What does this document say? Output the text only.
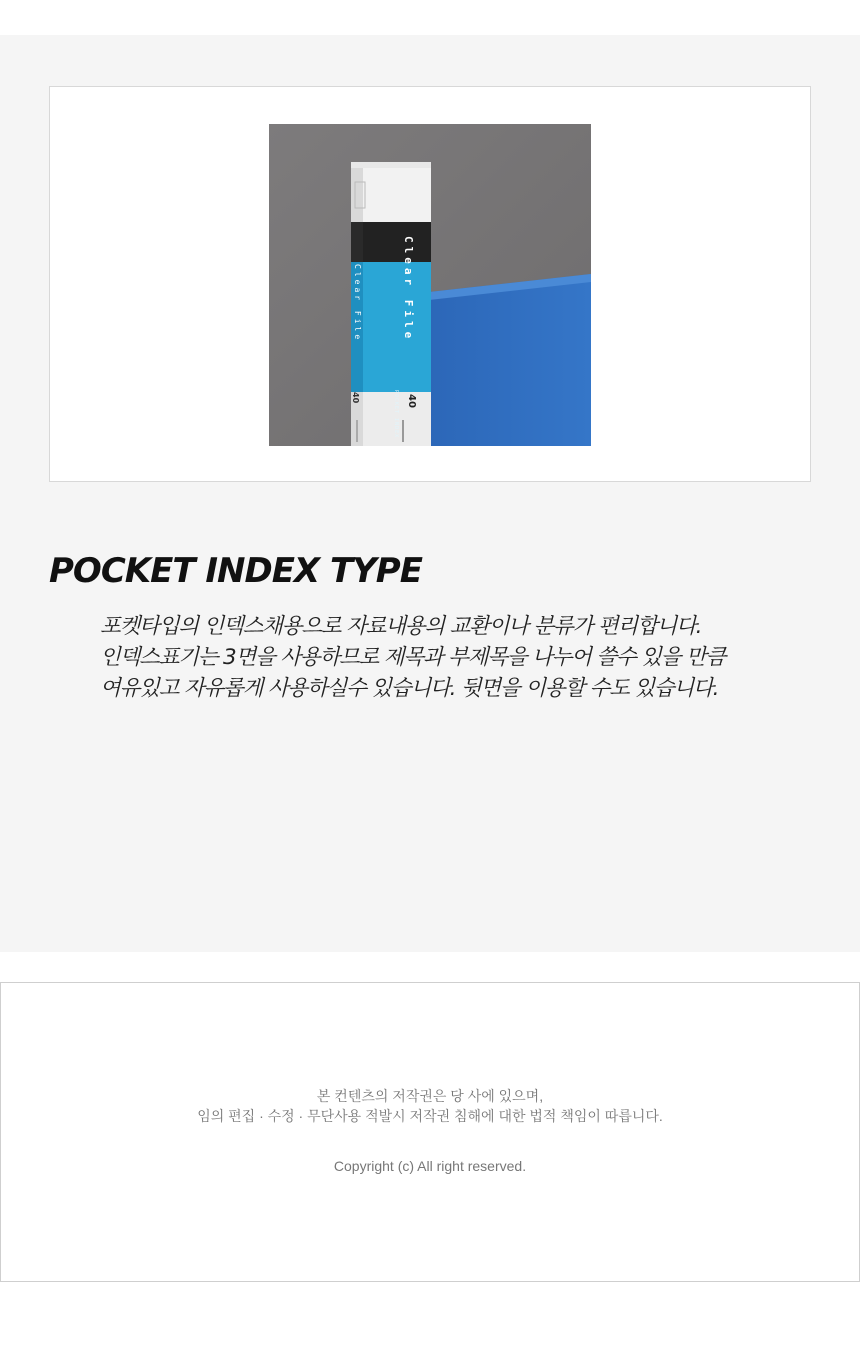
Clear File
Clear File
POCKET INDEX 40
40
POCKET INDEX TYPE
포켓타입의 인덱스채용으로 자료내용의 교환이나 분류가 편리합니다.
인덱스표기는 3면을 사용하므로 제목과 부제목을 나누어 쓸수 있을 만큼
여유있고 자유롭게 사용하실수 있습니다. 뒷면을 이용할 수도 있습니다.
본 컨텐츠의 저작권은 당 사에 있으며,
임의 편집 · 수정 · 무단사용 적발시 저작권 침해에 대한 법적 책임이 따릅니다.
Copyright (c) All right reserved.
